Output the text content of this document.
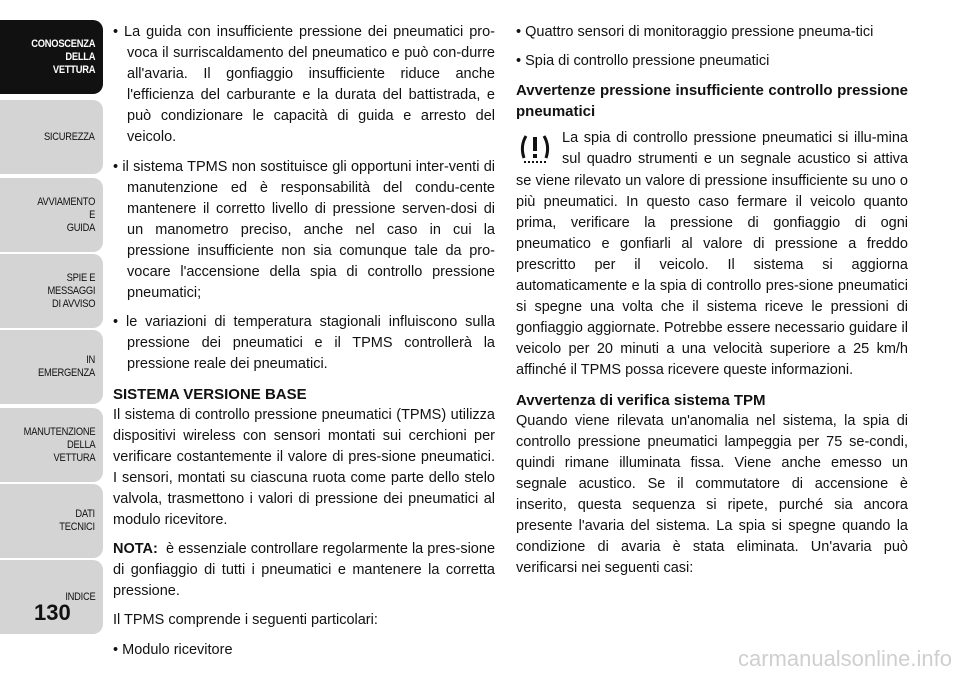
CONOSCENZA
DELLA
VETTURA
SICUREZZA
AVVIAMENTO
E
GUIDA
SPIE E
MESSAGGI
DI AVVISO
IN
EMERGENZA
MANUTENZIONE
DELLA
VETTURA
DATI
TECNICI
INDICE
130

• La guida con insufficiente pressione dei pneumatici pro-voca il surriscaldamento del pneumatico e può con-durre all'avaria. Il gonfiaggio insufficiente riduce anche l'efficienza del carburante e la durata del battistrada, e può condizionare le capacità di guida e arresto del veicolo.

• il sistema TPMS non sostituisce gli opportuni inter-venti di manutenzione ed è responsabilità del condu-cente mantenere il corretto livello di pressione serven-dosi di un manometro preciso, anche nel caso in cui la pressione insufficiente non sia comunque tale da pro-vocare l'accensione della spia di controllo pressione pneumatici;

• le variazioni di temperatura stagionali influiscono sulla pressione dei pneumatici e il TPMS controllerà la pressione reale dei pneumatici.

SISTEMA VERSIONE BASE

Il sistema di controllo pressione pneumatici (TPMS) utilizza dispositivi wireless con sensori montati sui cerchioni per verificare costantemente il valore di pres-sione pneumatici. I sensori, montati su ciascuna ruota come parte dello stelo valvola, trasmettono i valori di pressione dei pneumatici al modulo ricevitore.

NOTA: è essenziale controllare regolarmente la pres-sione di gonfiaggio di tutti i pneumatici e mantenere la corretta pressione.

Il TPMS comprende i seguenti particolari:

• Modulo ricevitore

• Quattro sensori di monitoraggio pressione pneuma-tici

• Spia di controllo pressione pneumatici

Avvertenze pressione insufficiente controllo pressione pneumatici

La spia di controllo pressione pneumatici si illu-mina sul quadro strumenti e un segnale acustico si attiva se viene rilevato un valore di pressione insufficiente su uno o più pneumatici. In questo caso fermare il veicolo quanto prima, verificare la pressione di gonfiaggio di ogni pneumatico e gonfiarli al valore di pressione a freddo prescritto per il veicolo. Il sistema si aggiorna automaticamente e la spia di controllo pres-sione pneumatici si spegne una volta che il sistema riceve le pressioni di gonfiaggio aggiornate. Potrebbe essere necessario guidare il veicolo per 20 minuti a una velocità superiore a 25 km/h affinché il TPMS possa ricevere queste informazioni.

Avvertenza di verifica sistema TPM

Quando viene rilevata un'anomalia nel sistema, la spia di controllo pressione pneumatici lampeggia per 75 se-condi, quindi rimane illuminata fissa. Viene anche emesso un segnale acustico. Se il commutatore di accensione è inserito, questa sequenza si ripete, purché sia ancora presente l'avaria del sistema. La spia si spegne quando la condizione di avaria è stata eliminata. Un'avaria può verificarsi nei seguenti casi:

carmanualsonline.info
